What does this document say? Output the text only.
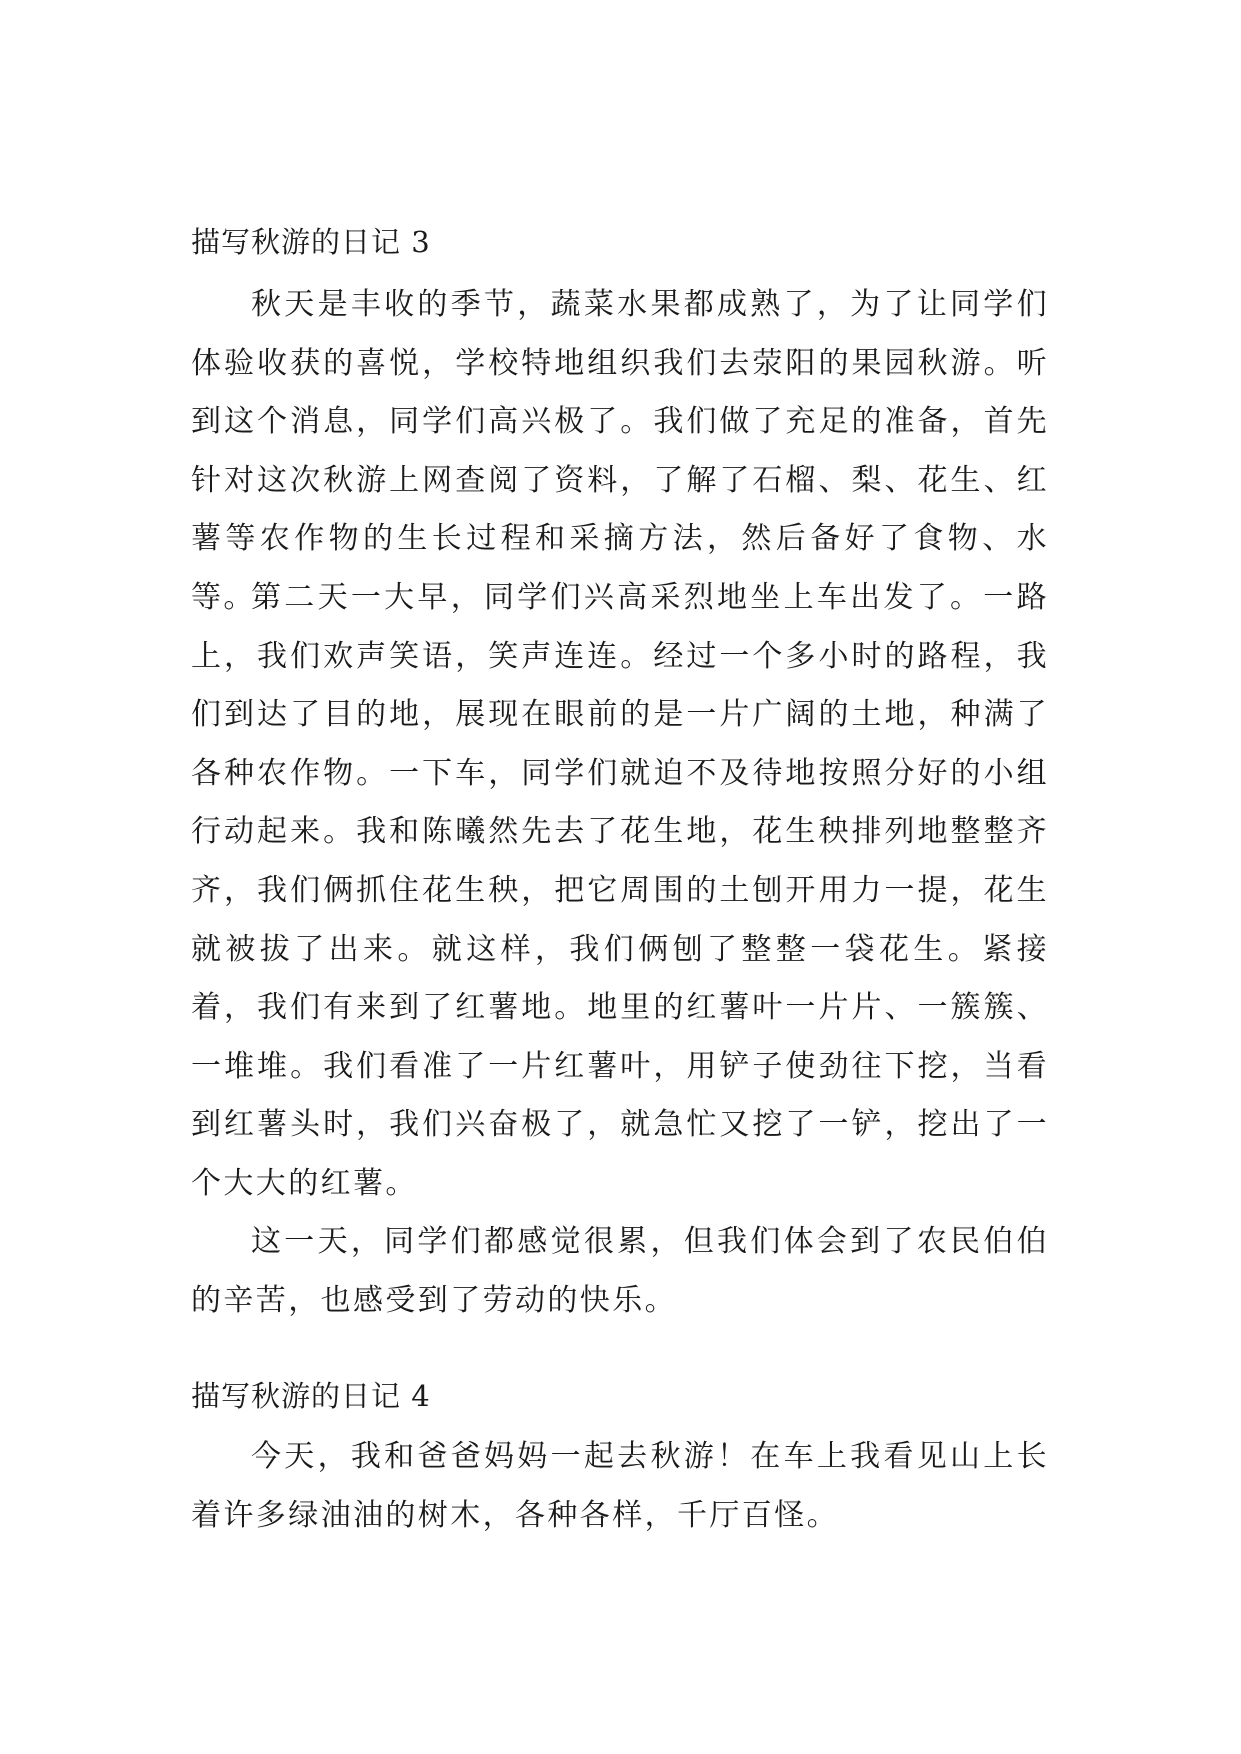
描写秋游的日记 3

秋天是丰收的季节，蔬菜水果都成熟了，为了让同学们体验收获的喜悦，学校特地组织我们去荥阳的果园秋游。听到这个消息，同学们高兴极了。我们做了充足的准备，首先针对这次秋游上网查阅了资料，了解了石榴、梨、花生、红薯等农作物的生长过程和采摘方法，然后备好了食物、水等。

第二天一大早，同学们兴高采烈地坐上车出发了。一路上，我们欢声笑语，笑声连连。经过一个多小时的路程，我们到达了目的地，展现在眼前的是一片广阔的土地，种满了各种农作物。一下车，同学们就迫不及待地按照分好的小组行动起来。我和陈曦然先去了花生地，花生秧排列地整整齐齐，我们俩抓住花生秧，把它周围的土刨开用力一提，花生就被拔了出来。就这样，我们俩刨了整整一袋花生。紧接着，我们有来到了红薯地。地里的红薯叶一片片、一簇簇、一堆堆。我们看准了一片红薯叶，用铲子使劲往下挖，当看到红薯头时，我们兴奋极了，就急忙又挖了一铲，挖出了一个大大的红薯。

这一天，同学们都感觉很累，但我们体会到了农民伯伯的辛苦，也感受到了劳动的快乐。

描写秋游的日记 4

今天，我和爸爸妈妈一起去秋游！在车上我看见山上长着许多绿油油的树木，各种各样，千厅百怪。
